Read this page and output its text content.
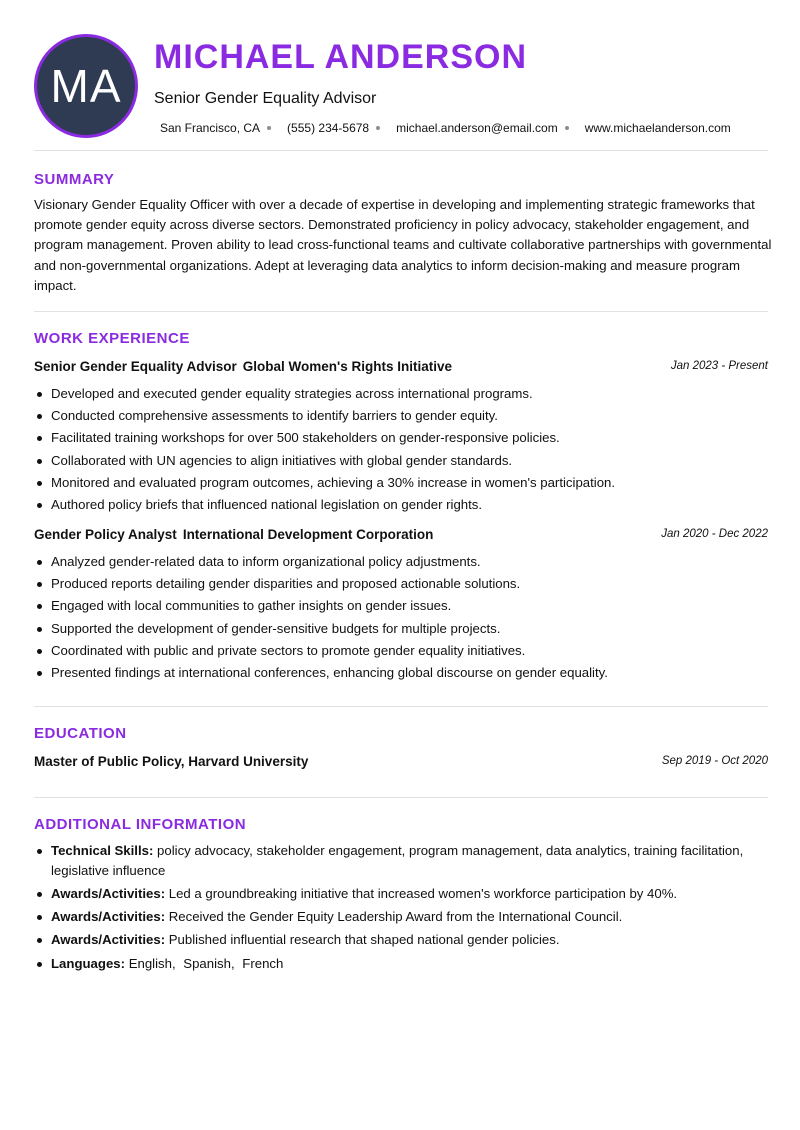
MA
MICHAEL ANDERSON
Senior Gender Equality Advisor
San Francisco, CA (555) 234-5678 michael.anderson@email.com www.michaelanderson.com
SUMMARY

Visionary Gender Equality Officer with over a decade of expertise in developing and implementing strategic frameworks that promote gender equity across diverse sectors. Demonstrated proficiency in policy advocacy, stakeholder engagement, and program management. Proven ability to lead cross-functional teams and cultivate collaborative partnerships with governmental and non-governmental organizations. Adept at leveraging data analytics to inform decision-making and measure program impact.

WORK EXPERIENCE
Senior Gender Equality Advisor Global Women's Rights Initiative	Jan 2023 - Present
Developed and executed gender equality strategies across international programs.
Conducted comprehensive assessments to identify barriers to gender equity.
Facilitated training workshops for over 500 stakeholders on gender-responsive policies.
Collaborated with UN agencies to align initiatives with global gender standards.
Monitored and evaluated program outcomes, achieving a 30% increase in women's participation.
Authored policy briefs that influenced national legislation on gender rights.
Gender Policy Analyst International Development Corporation	Jan 2020 - Dec 2022
Analyzed gender-related data to inform organizational policy adjustments.
Produced reports detailing gender disparities and proposed actionable solutions.
Engaged with local communities to gather insights on gender issues.
Supported the development of gender-sensitive budgets for multiple projects.
Coordinated with public and private sectors to promote gender equality initiatives.
Presented findings at international conferences, enhancing global discourse on gender equality.
EDUCATION
Master of Public Policy, Harvard University	Sep 2019 - Oct 2020
ADDITIONAL INFORMATION
Technical Skills: policy advocacy, stakeholder engagement, program management, data analytics, training facilitation, legislative influence
Awards/Activities: Led a groundbreaking initiative that increased women's workforce participation by 40%.
Awards/Activities: Received the Gender Equity Leadership Award from the International Council.
Awards/Activities: Published influential research that shaped national gender policies.
Languages: English, Spanish, French
